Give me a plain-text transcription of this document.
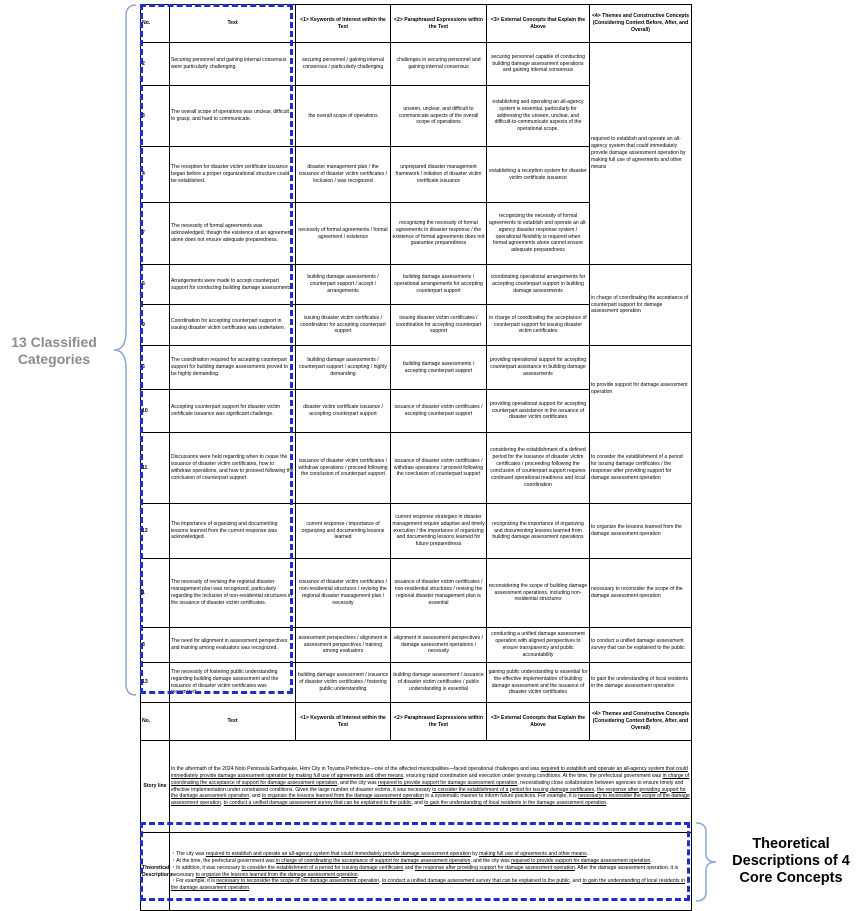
No.	Text	<1> Keywords of Interest within the Text	<2> Paraphrased Expressions within the Text	<3> External Concepts that Explain the Above	<4> Themes and Constructive Concepts (Considering Context Before, After, and Overall)
2	Securing personnel and gaining internal consensus were particularly challenging.	securing personnel / gaining internal consensus / particularly challenging	challenges in securing personnel and gaining internal consensus	securing personnel capable of conducting building damage assessment operations and gaining internal consensus	required to establish and operate an all-agency system that could immediately provide damage assessment operation by making full use of agreements and other means
3	The overall scope of operations was unclear, difficult to grasp, and hard to communicate.	the overall scope of operations	unseen, unclear, and difficult to communicate aspects of the overall scope of operations	establishing and operating an all-agency system is essential, particularly for addressing the unseen, unclear, and difficult-to-communicate aspects of the operational scope.	
4	The reception for disaster victim certificate issuance began before a proper organizational structure could be established.	disaster management plan / the issuance of disaster victim certificates / inclusion / was recognized	unprepared disaster management framework / initiation of disaster victim certificate issuance	establishing a reception system for disaster victim certificate issuance	
7	The necessity of formal agreements was acknowledged, though the existence of an agreement alone does not ensure adequate preparedness.	necessity of formal agreements / formal agreement / existence	recognizing the necessity of formal agreements in disaster response / the existence of formal agreements does not guarantee preparedness	recognizing the necessity of formal agreements to establish and operate an all-agency disaster response system / operational flexibility is required when formal agreements alone cannot ensure adequate preparedness	
5	Arrangements were made to accept counterpart support for conducting building damage assessments.	building damage assessments / counterpart support / accept / arrangements	building damage assessments / operational arrangements for accepting counterpart support	coordinating operational arrangements for accepting counterpart support in building damage assessments	in charge of coordinating the acceptance of counterpart support for damage assessment operation
9	Coordination for accepting counterpart support in issuing disaster victim certificates was undertaken.	issuing disaster victim certificates / coordination for accepting counterpart support	issuing disaster victim certificates / coordination for accepting counterpart support	in charge of coordinating the acceptance of counterpart support for issuing disaster victim certificates	
6	The coordination required for accepting counterpart support for building damage assessments proved to be highly demanding.	building damage assessments / counterpart support / accepting / highly demanding	building damage assessments / accepting counterpart support	providing operational support for accepting counterpart assistance in building damage assessments	to provide support for damage assessment operation
10	Accepting counterpart support for disaster victim certificate issuance was significant challenge.	disaster victim certificate issuance / accepting counterpart support	issuance of disaster victim certificates / accepting counterpart support	providing operational support for accepting counterpart assistance in the issuance of disaster victim certificates	
11	Discussions were held regarding when to cease the issuance of disaster victim certificates, how to withdraw operations, and how to proceed following the conclusion of counterpart support.	issuance of disaster victim certificates / withdraw operations / proceed following the conclusion of counterpart support	issuance of disaster victim certificates / withdraw operations / proceed following the conclusion of counterpart support	considering the establishment of a defined period for the issuance of disaster victim certificates / proceeding following the conclusion of counterpart support requires continued operational readiness and local coordination	to consider the establishment of a period for issuing damage certificates / the response after providing support for damage assessment operation
12	The importance of organizing and documenting lessons learned from the current response was acknowledged.	current response / importance of organizing and documenting lessons learned	current response strategies in disaster management require adaptive and timely execution / the importance of organizing and documenting lessons learned for future preparedness	recognizing the importance of organizing and documenting lessons learned from building damage assessment operations	to organize the lessons learned from the damage assessment operation
1	The necessity of revising the regional disaster management plan was recognized, particularly regarding the inclusion of non-residential structures in the issuance of disaster victim certificates.	issuance of disaster victim certificates / non-residential structures / revising the regional disaster management plan / necessity	issuance of disaster victim certificates / non-residential structures / revising the regional disaster management plan is essential	reconsidering the scope of building damage assessment operations, including non-residential structures	necessary to reconsider the scope of the damage assessment operation
8	The need for alignment in assessment perspectives and training among evaluators was recognized.	assessment perspectives / alignment in assessment perspectives / training among evaluators	alignment in assessment perspectives / damage assessment operations / necessity	conducting a unified damage assessment operation with aligned perspectives to ensure transparency and public accountability	to conduct a unified damage assessment survey that can be explained to the public
13	The necessity of fostering public understanding regarding building damage assessment and the issuance of disaster victim certificates was recognized.	building damage assessment / issuance of disaster victim certificates / fostering public understanding	building damage assessment / issuance of disaster victim certificates / public understanding is essential	gaining public understanding is essential for the effective implementation of building damage assessment and the issuance of disaster victim certificates	to gain the understanding of local residents in the damage assessment operation
No.	Text	<1> Keywords of Interest within the Text	<2> Paraphrased Expressions within the Text	<3> External Concepts that Explain the Above	<4> Themes and Constructive Concepts (Considering Context Before, After, and Overall)
Story line	In the aftermath of the 2024 Noto Peninsula Earthquake, Himi City in Toyama Prefecture—one of the affected municipalities—faced operational challenges and was required to establish and operate an all-agency system that could immediately provide damage assessment operation by making full use of agreements and other means, ensuring rapid coordination and execution under pressing conditions. At the time, the prefectural government was in charge of coordinating the acceptance of support for damage assessment operation, and the city was required to provide support for damage assessment operation, necessitating close collaboration between agencies to ensure timely and effective implementation under constrained conditions. Given the large number of disaster victims, it was necessary to consider the establishment of a period for issuing damage certificates, the response after providing support for the damage assessment operation, and to organize the lessons learned from the damage assessment operation in a systematic manner to inform future practices. For example, it is necessary to reconsider the scope of the damage assessment operation, to conduct a unified damage assessment survey that can be explained to the public, and to gain the understanding of local residents in the damage assessment operation.				
Theoretical Descriptions	・The city was required to establish and operate an all-agency system that could immediately provide damage assessment operation by making full use of agreements and other means.
・At the time, the prefectural government was in charge of coordinating the acceptance of support for damage assessment operation, and the city was required to provide support for damage assessment operation.
・In addition, it was necessary to consider the establishment of a period for issuing damage certificates and the response after providing support for damage assessment operation. After the damage assessment operation, it is necessary to organize the lessons learned from the damage assessment operation.
・For example, it is necessary to reconsider the scope of the damage assessment operation, to conduct a unified damage assessment survey that can be explained to the public, and to gain the understanding of local residents in the damage assessment operation.				
13 Classified Categories
Theoretical Descriptions of 4 Core Concepts
